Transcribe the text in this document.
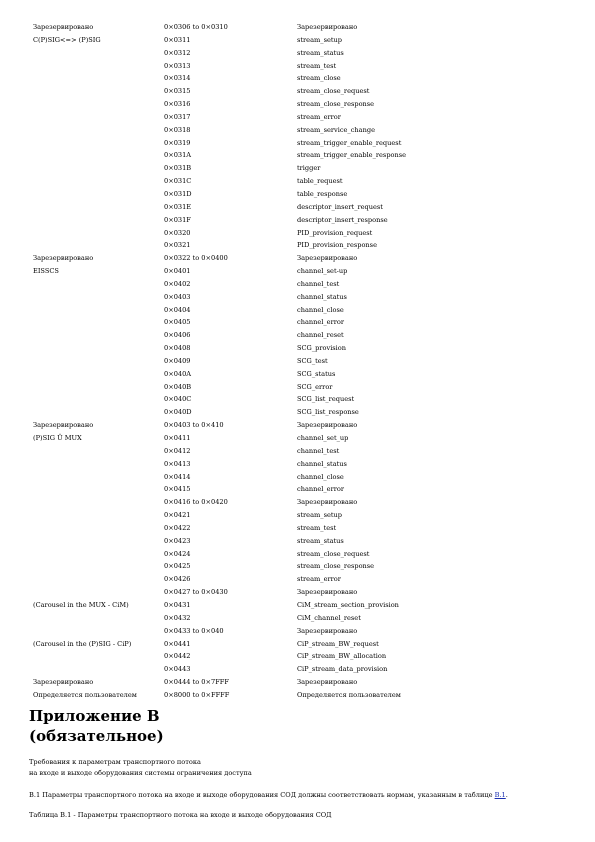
Зарезервировано	0×0306 to 0×0310	Зарезервировано
C(P)SIG<=> (P)SIG	0×0311	stream_setup
	0×0312	stream_status
	0×0313	stream_test
	0×0314	stream_close
	0×0315	stream_close_request
	0×0316	stream_close_response
	0×0317	stream_error
	0×0318	stream_service_change
	0×0319	stream_trigger_enable_request
	0×031A	stream_trigger_enable_response
	0×031B	trigger
	0×031C	table_request
	0×031D	table_response
	0×031E	descriptor_insert_request
	0×031F	descriptor_insert_response
	0×0320	PID_provision_request
	0×0321	PID_provision_response
Зарезервировано	0×0322 to 0×0400	Зарезервировано
EISSCS	0×0401	channel_set-up
	0×0402	channel_test
	0×0403	channel_status
	0×0404	channel_close
	0×0405	channel_error
	0×0406	channel_reset
	0×0408	SCG_provision
	0×0409	SCG_test
	0×040A	SCG_status
	0×040B	SCG_error
	0×040C	SCG_list_request
	0×040D	SCG_list_response
Зарезервировано	0×0403 to 0×410	Зарезервировано
(P)SIG Û MUX	0×0411	channel_set_up
	0×0412	channel_test
	0×0413	channel_status
	0×0414	channel_close
	0×0415	channel_error
	0×0416 to 0×0420	Зарезервировано
	0×0421	stream_setup
	0×0422	stream_test
	0×0423	stream_status
	0×0424	stream_close_request
	0×0425	stream_close_response
	0×0426	stream_error
	0×0427 to 0×0430	Зарезервировано
(Carousel in the MUX - CiM)	0×0431	CiM_stream_section_provision
	0×0432	CiM_channel_reset
	0×0433 to 0×040	Зарезервировано
(Carousel in the (P)SIG - CiP)	0×0441	CiP_stream_BW_request
	0×0442	CiP_stream_BW_allocation
	0×0443	CiP_stream_data_provision
Зарезервировано	0×0444 to 0×7FFF	Зарезервировано
Определяется пользователем	0×8000 to 0×FFFF	Определяется пользователем
Приложение В
(обязательное)

Требования к параметрам транспортного потока
на входе и выходе оборудования системы ограничения доступа

В.1 Параметры транспортного потока на входе и выходе оборудования СОД должны соответствовать нормам, указанным в таблице В.1.

Таблица В.1 - Параметры транспортного потока на входе и выходе оборудования СОД
